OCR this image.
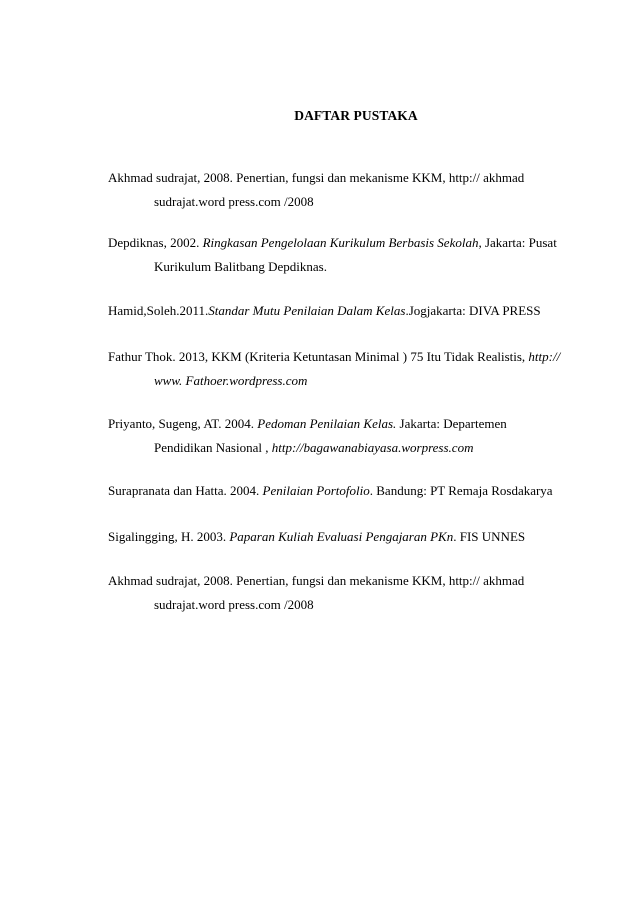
DAFTAR PUSTAKA
Akhmad sudrajat, 2008. Penertian, fungsi dan mekanisme KKM, http:// akhmad
sudrajat.word press.com /2008
Depdiknas, 2002. Ringkasan Pengelolaan Kurikulum Berbasis Sekolah, Jakarta: Pusat
Kurikulum Balitbang Depdiknas.
Hamid,Soleh.2011.Standar Mutu Penilaian Dalam Kelas.Jogjakarta: DIVA PRESS
Fathur Thok. 2013, KKM (Kriteria Ketuntasan Minimal ) 75 Itu Tidak Realistis, http://
www. Fathoer.wordpress.com
Priyanto, Sugeng, AT. 2004. Pedoman Penilaian Kelas. Jakarta: Departemen
Pendidikan Nasional , http://bagawanabiayasa.worpress.com
Surapranata dan Hatta. 2004. Penilaian Portofolio. Bandung: PT Remaja Rosdakarya
Sigalingging, H. 2003. Paparan Kuliah Evaluasi Pengajaran PKn. FIS UNNES
Akhmad sudrajat, 2008. Penertian, fungsi dan mekanisme KKM, http:// akhmad
sudrajat.word press.com /2008
